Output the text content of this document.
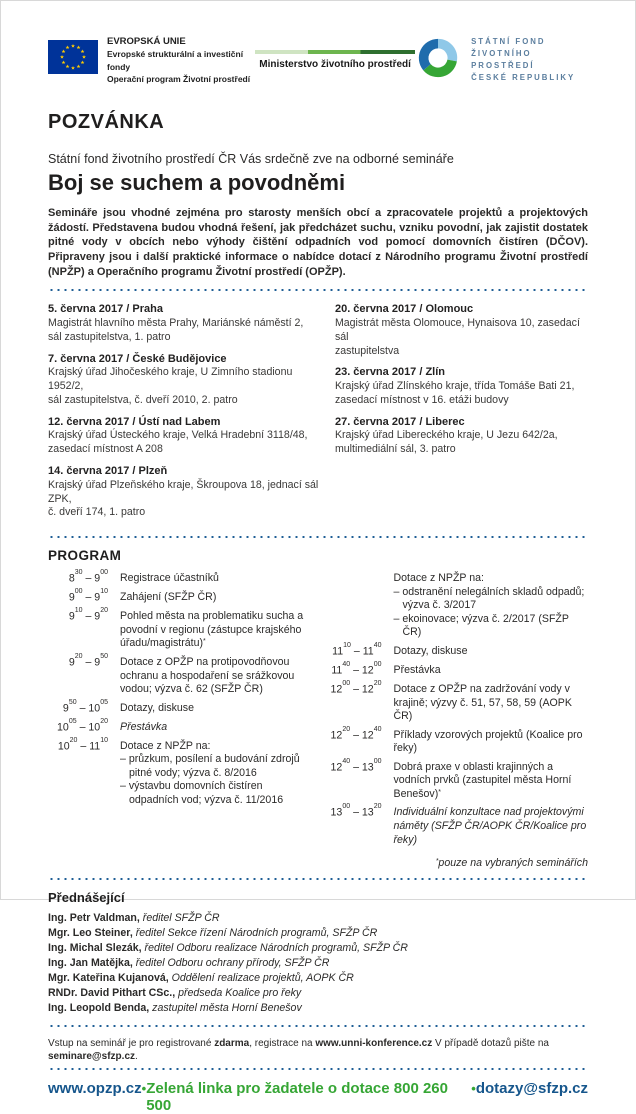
EVROPSKÁ UNIE
Evropské strukturální a investiční fondy
Operační program Životní prostředí
Ministerstvo životního prostředí
STÁTNÍ FOND
ŽIVOTNÍHO PROSTŘEDÍ
ČESKÉ REPUBLIKY
POZVÁNKA
Státní fond životního prostředí ČR Vás srdečně zve na odborné semináře
Boj se suchem a povodněmi
Semináře jsou vhodné zejména pro starosty menších obcí a zpracovatele projektů a projektových žádostí. Představena budou vhodná řešení, jak předcházet suchu, vzniku povodní, jak zajistit dostatek pitné vody v obcích nebo výhody čištění odpadních vod pomocí domovních čistíren (DČOV). Připraveny jsou i další praktické informace o nabídce dotací z Národního programu Životní prostředí (NPŽP) a Operačního programu Životní prostředí (OPŽP).
5. června 2017 / Praha
Magistrát hlavního města Prahy, Mariánské náměstí 2,
sál zastupitelstva, 1. patro
7. června 2017 / České Budějovice
Krajský úřad Jihočeského kraje, U Zimního stadionu 1952/2,
sál zastupitelstva, č. dveří 2010, 2. patro
12. června 2017 / Ústí nad Labem
Krajský úřad Ústeckého kraje, Velká Hradební 3118/48,
zasedací místnost A 208
14. června 2017 / Plzeň
Krajský úřad Plzeňského kraje, Škroupova 18, jednací sál ZPK,
č. dveří 174, 1. patro
20. června 2017 / Olomouc
Magistrát města Olomouce, Hynaisova 10, zasedací sál
zastupitelstva
23. června 2017 / Zlín
Krajský úřad Zlínského kraje, třída Tomáše Bati 21,
zasedací místnost v 16. etáži budovy
27. června 2017 / Liberec
Krajský úřad Libereckého kraje, U Jezu 642/2a,
multimediální sál, 3. patro
PROGRAM
$8^{30} - 9^{00}$ Registrace účastníků
$9^{00} - 9^{10}$ Zahájení (SFŽP ČR)
$9^{10} - 9^{20}$ Pohled města na problematiku sucha a povodní v regionu (zástupce krajského úřadu/magistrátu)*
$9^{20} - 9^{50}$ Dotace z OPŽP na protipovodňovou ochranu a hospodaření se srážkovou vodou; výzva č. 62 (SFŽP ČR)
$9^{50} - 10^{05}$ Dotazy, diskuse
$10^{05} - 10^{20}$ Přestávka
$10^{20} - 11^{10}$ Dotace z NPŽP na:
– průzkum, posílení a budování zdrojů pitné vody; výzva č. 8/2016
– výstavbu domovních čistíren odpadních vod; výzva č. 11/2016
Dotace z NPŽP na:
– odstranění nelegálních skladů odpadů; výzva č. 3/2017
– ekoinovace; výzva č. 2/2017 (SFŽP ČR)
$11^{10} - 11^{40}$ Dotazy, diskuse
$11^{40} - 12^{00}$ Přestávka
$12^{00} - 12^{20}$ Dotace z OPŽP na zadržování vody v krajině; výzvy č. 51, 57, 58, 59 (AOPK ČR)
$12^{20} - 12^{40}$ Příklady vzorových projektů (Koalice pro řeky)
$12^{40} - 13^{00}$ Dobrá praxe v oblasti krajinných a vodních prvků (zastupitel města Horní Benešov)*
$13^{00} - 13^{20}$ Individuální konzultace nad projektovými náměty (SFŽP ČR/AOPK ČR/Koalice pro řeky)
*pouze na vybraných seminářích
Přednášející
Ing. Petr Valdman, ředitel SFŽP ČR
Mgr. Leo Steiner, ředitel Sekce řízení Národních programů, SFŽP ČR
Ing. Michal Slezák, ředitel Odboru realizace Národních programů, SFŽP ČR
Ing. Jan Matějka, ředitel Odboru ochrany přírody, SFŽP ČR
Mgr. Kateřina Kujanová, Oddělení realizace projektů, AOPK ČR
RNDr. David Pithart CSc., předseda Koalice pro řeky
Ing. Leopold Benda, zastupitel města Horní Benešov
Vstup na seminář je pro registrované zdarma, registrace na www.unni-konference.cz V případě dotazů pište na seminare@sfzp.cz.
www.opzp.cz • Zelená linka pro žadatele o dotace 800 260 500
• dotazy@sfzp.cz
